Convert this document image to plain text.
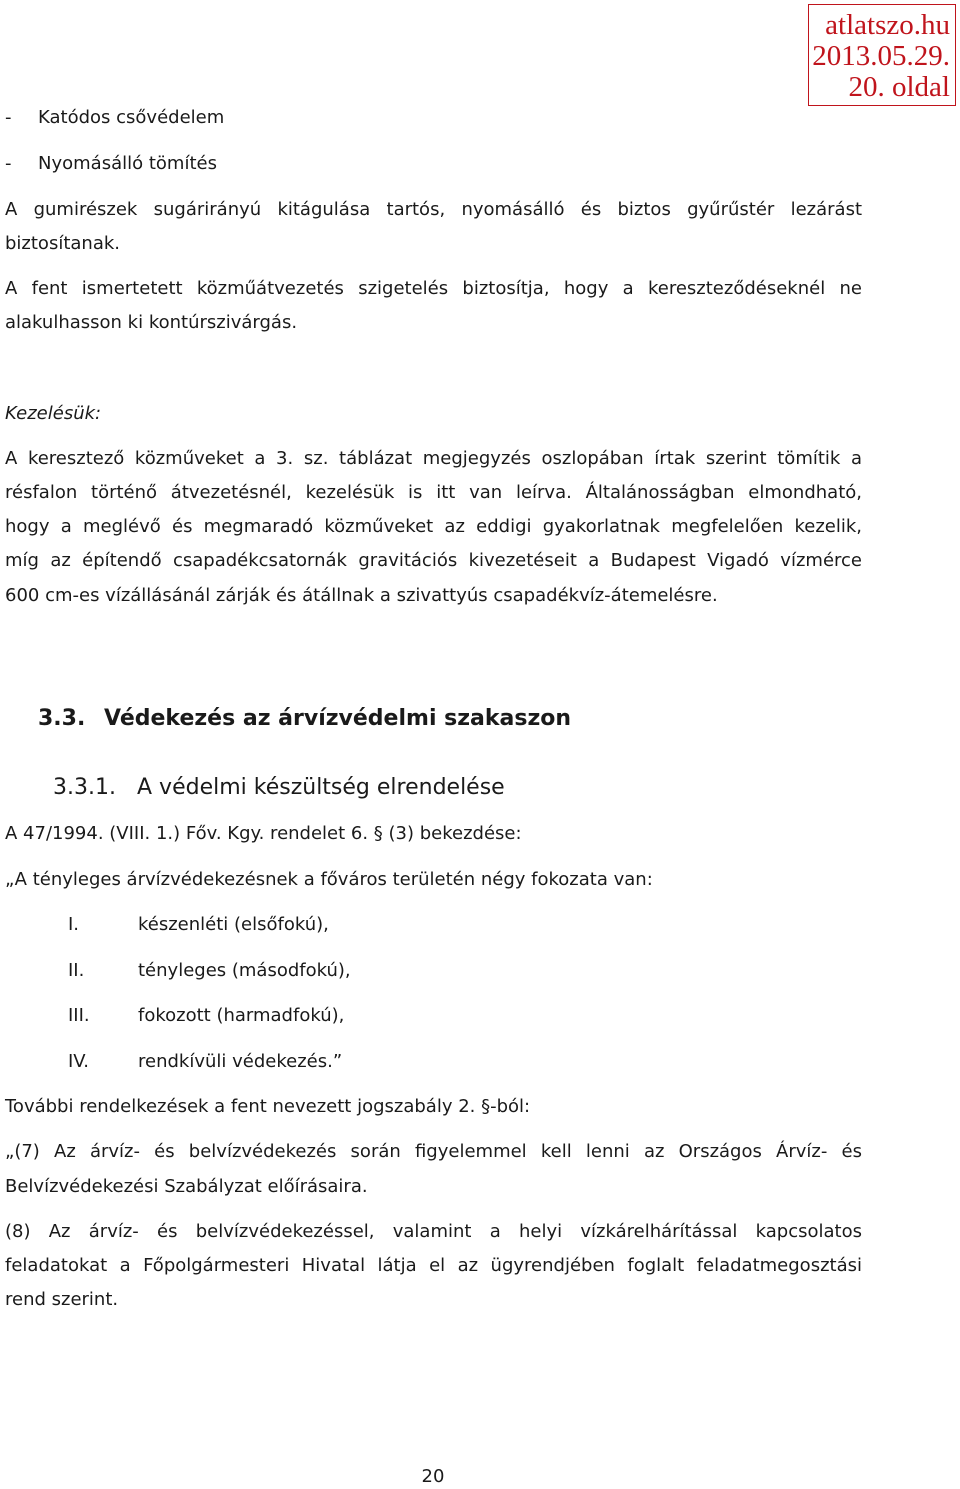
atlatszo.hu
2013.05.29.
20. oldal
- Katódos csővédelem
- Nyomásálló tömítés
A gumirészek sugárirányú kitágulása tartós, nyomásálló és biztos gyűrűstér lezárást
biztosítanak.
A fent ismertetett közműátvezetés szigetelés biztosítja, hogy a kereszteződéseknél ne
alakulhasson ki kontúrszivárgás.
Kezelésük:
A keresztező közműveket a 3. sz. táblázat megjegyzés oszlopában írtak szerint tömítik a
résfalon történő átvezetésnél, kezelésük is itt van leírva. Általánosságban elmondható,
hogy a meglévő és megmaradó közműveket az eddigi gyakorlatnak megfelelően kezelik,
míg az építendő csapadékcsatornák gravitációs kivezetéseit a Budapest Vigadó vízmérce
600 cm-es vízállásánál zárják és átállnak a szivattyús csapadékvíz-átemelésre.
3.3. Védekezés az árvízvédelmi szakaszon
3.3.1. A védelmi készültség elrendelése
A 47/1994. (VIII. 1.) Főv. Kgy. rendelet 6. § (3) bekezdése:
„A tényleges árvízvédekezésnek a főváros területén négy fokozata van:
I.	készenléti (elsőfokú),
II.	tényleges (másodfokú),
III.	fokozott (harmadfokú),
IV.	rendkívüli védekezés.”
További rendelkezések a fent nevezett jogszabály 2. §-ból:
„(7) Az árvíz- és belvízvédekezés során figyelemmel kell lenni az Országos Árvíz- és
Belvízvédekezési Szabályzat előírásaira.
(8) Az árvíz- és belvízvédekezéssel, valamint a helyi vízkárelhárítással kapcsolatos
feladatokat a Főpolgármesteri Hivatal látja el az ügyrendjében foglalt feladatmegosztási
rend szerint.
20
